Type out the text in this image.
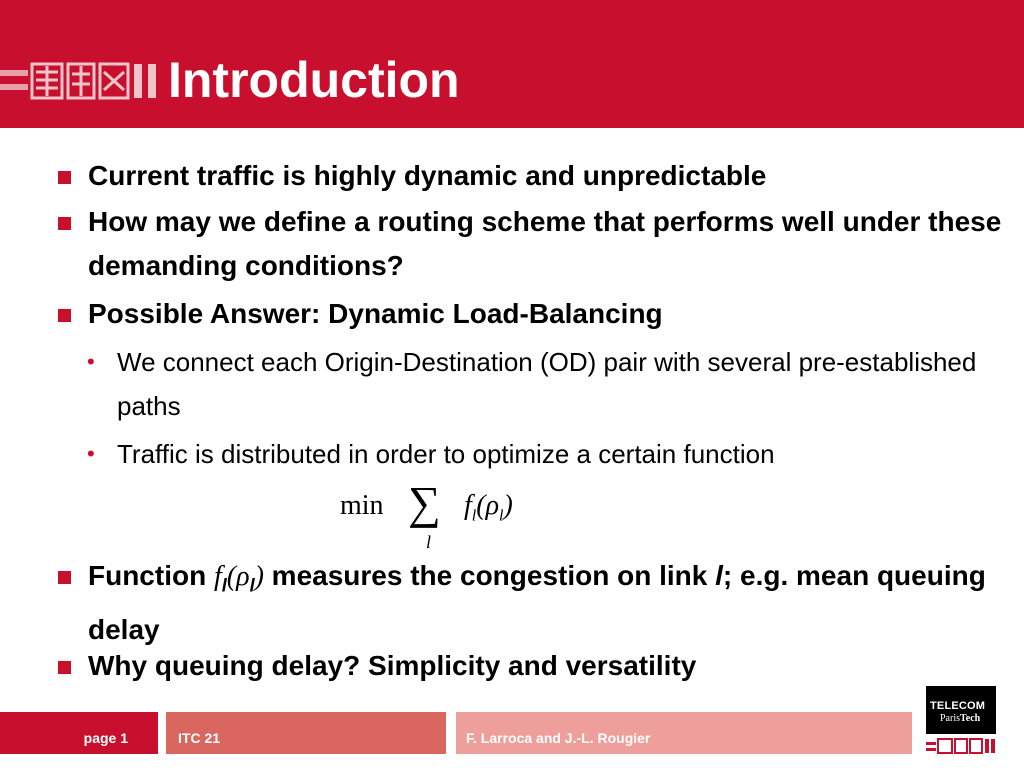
Introduction
Current traffic is highly dynamic and unpredictable
How may we define a routing scheme that performs well under these demanding conditions?
Possible Answer: Dynamic Load-Balancing
• We connect each Origin-Destination (OD) pair with several pre-established paths
• Traffic is distributed in order to optimize a certain function
min ∑
l
$f_l(\rho_l)$
Function $f_l(\rho_l)$ measures the congestion on link l; e.g. mean queuing delay
Why queuing delay? Simplicity and versatility
page 1	ITC 21	F. Larroca and J.-L. Rougier
TELECOM
ParisTech
